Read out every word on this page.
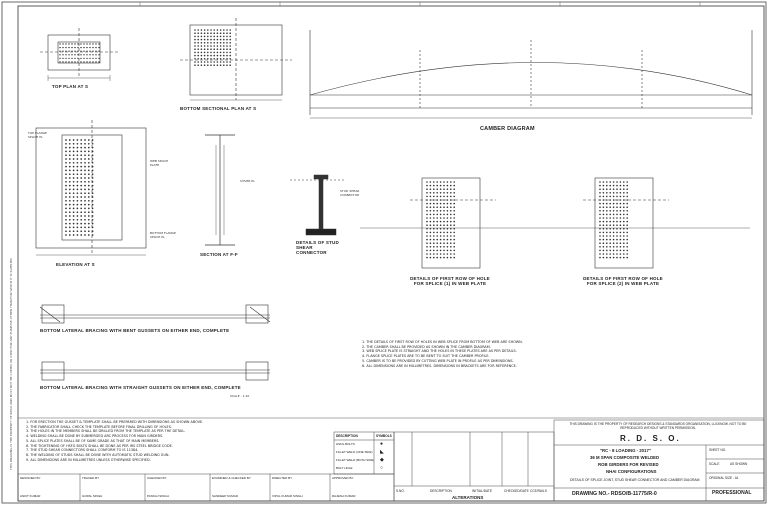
TOP PLAN AT S
BOTTOM SECTIONAL PLAN AT S
CAMBER DIAGRAM
ELEVATION AT S
SECTION AT F-F
DETAILS OF STUD SHEAR CONNECTOR
DETAILS OF FIRST ROW OF HOLE FOR SPLICE (1) IN WEB PLATE
DETAILS OF FIRST ROW OF HOLE FOR SPLICE (2) IN WEB PLATE
BOTTOM LATERAL BRACING WITH BENT GUSSETS ON EITHER END, COMPLETE
BOTTOM LATERAL BRACING WITH STRAIGHT GUSSETS ON EITHER END, COMPLETE
SCALE - 1:10
TOP FLANGE
SPLICE PL
WEB SPLICE
PLATE
BOTTOM FLANGE
SPLICE PL
COVER PL
STUD SHEAR
CONNECTOR
1. FOR ERECTION THE GUSSET & TEMPLATE SHALL BE PREPARED WITH DIMENSIONS AS SHOWN ABOVE.
2. THE FABRICATOR SHALL CHECK THE TEMPLATE BEFORE FINAL DRILLING OF HOLES.
3. THE HOLES IN THE MEMBERS SHALL BE DRILLED FROM THE TEMPLATE AS PER THE DETAIL.
4. WELDING SHALL BE DONE BY SUBMERGED ARC PROCESS FOR MAIN GIRDERS.
5. ALL SPLICE PLATES SHALL BE OF SAME GRADE AS THAT OF MAIN MEMBERS.
6. THE TIGHTENING OF HSFG BOLTS SHALL BE DONE AS PER IRS STEEL BRIDGE CODE.
7. THE STUD SHEAR CONNECTORS SHALL CONFORM TO IS 11384.
8. THE WELDING OF STUDS SHALL BE DONE WITH AUTOMATIC STUD WELDING GUN.
9. ALL DIMENSIONS ARE IN MILLIMETRES UNLESS OTHERWISE SPECIFIED.
1. THE DETAILS OF FIRST ROW OF HOLES IN WEB SPLICE FROM BOTTOM OF WEB ARE SHOWN.
2. THE CAMBER SHALL BE PROVIDED AS SHOWN IN THE CAMBER DIAGRAM.
3. WEB SPLICE PLATE IS STRAIGHT AND THE HOLES IN THESE PLATES ARE AS PER DETAILS.
4. FLANGE SPLICE PLATES ARE TO BE BENT TO SUIT THE CAMBER PROFILE.
5. CAMBER IS TO BE PROVIDED BY CUTTING WEB PLATE IN PROFILE AS PER DIMENSIONS.
6. ALL DIMENSIONS ARE IN MILLIMETRES. DIMENSIONS IN BRACKETS ARE FOR REFERENCE.
DESCRIPTION	SYMBOLS
HSFG BOLTS	●
FILLET WELD (ONE SIDE) ◣
FILLET WELD (BOTH SIDE) ◆
BOLT HOLE	○
S.NO.	DESCRIPTION	INITIAL/DATE	CHECKED/DATE CCE/RAILS
ALTERATIONS
THIS DRAWING IS THE PROPERTY OF RESEARCH DESIGNS & STANDARDS ORGANISATION, LUCKNOW. NOT TO BE REPRODUCED WITHOUT WRITTEN PERMISSION.
R. D. S. O.
"RC - 8 LOADING - 2017"
36 M SPAN COMPOSITE WELDED
ROB GIRDERS FOR REVISED
NHAI CONFIGURATIONS
DETAILS OF SPLICE JOINT, STUD SHEAR CONNECTOR AND CAMBER DIAGRAM
DRAWING NO.- RDSO/B-11775/R-0
SHEET NO.
SCALE	AS SHOWN
ORIGINAL SIZE - A1
PROFESSIONAL
DESIGNED BY
ANKIT KUMAR
TRACED BY
GOPAL SINGH
CHECKED BY
PANKAJ SINGH
EXAMINED & CHECKED BY
SANDEEP KUMAR
DIRECTED BY
VIPUL KUMAR SINGH
APPROVED BY
RAJESH KUMAR
THIS DRAWING IS THE PROPERTY OF RDSO AND MUST NOT BE COPIED OR USED FOR ANY PURPOSE OTHER THAN FOR WHICH IT IS SUPPLIED
